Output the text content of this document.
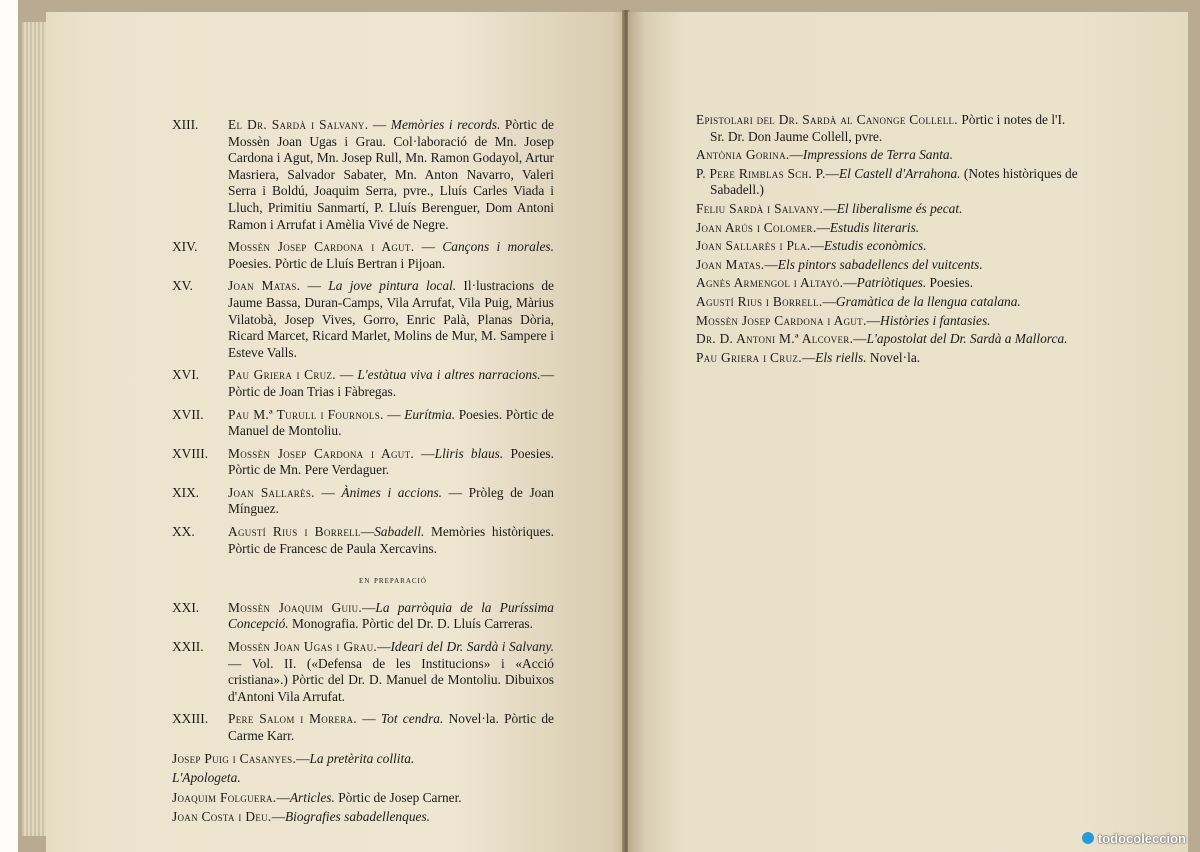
XIII.	El Dr. Sardà i Salvany. — Memòries i records. Pòrtic de Mossèn Joan Ugas i Grau. Col·laboració de Mn. Josep Cardona i Agut, Mn. Josep Rull, Mn. Ramon Godayol, Artur Masriera, Salvador Sabater, Mn. Anton Navarro, Valeri Serra i Boldú, Joaquim Serra, pvre., Lluís Carles Viada i Lluch, Primitiu Sanmartí, P. Lluís Berenguer, Dom Antoni Ramon i Arrufat i Amèlia Vivé de Negre.
XIV.	Mossèn Josep Cardona i Agut. — Cançons i morales. Poesies. Pòrtic de Lluís Bertran i Pijoan.
XV.	Joan Matas. — La jove pintura local. Il·lustracions de Jaume Bassa, Duran-Camps, Vila Arrufat, Vila Puig, Màrius Vilatobà, Josep Vives, Gorro, Enric Palà, Planas Dòria, Ricard Marcet, Ricard Marlet, Molins de Mur, M. Sampere i Esteve Valls.
XVI.	Pau Griera i Cruz. — L'estàtua viva i altres narracions.—Pòrtic de Joan Trias i Fàbregas.
XVII.	Pau M.ª Turull i Fournols. — Eurítmia. Poesies. Pòrtic de Manuel de Montoliu.
XVIII.	Mossèn Josep Cardona i Agut. —Lliris blaus. Poesies. Pòrtic de Mn. Pere Verdaguer.
XIX.	Joan Sallarès. — Ànimes i accions. — Pròleg de Joan Mínguez.
XX.	Agustí Rius i Borrell—Sabadell. Memòries històriques. Pòrtic de Francesc de Paula Xercavins.
en preparació
XXI.	Mossèn Joaquim Guiu.—La parròquia de la Puríssima Concepció. Monografia. Pòrtic del Dr. D. Lluís Carreras.
XXII.	Mossèn Joan Ugas i Grau.—Ideari del Dr. Sardà i Salvany. — Vol. II. («Defensa de les Institucions» i «Acció cristiana».) Pòrtic del Dr. D. Manuel de Montoliu. Dibuixos d'Antoni Vila Arrufat.
XXIII.	Pere Salom i Morera. — Tot cendra. Novel·la. Pòrtic de Carme Karr.
Josep Puig i Casanyes.—La pretèrita collita.
L'Apologeta.
Joaquim Folguera.—Articles. Pòrtic de Josep Carner.
Joan Costa i Deu.—Biografies sabadellenques.
Epistolari del Dr. Sardà al Canonge Collell. Pòrtic i notes de l'I. Sr. Dr. Don Jaume Collell, pvre.
Antònia Gorina.—Impressions de Terra Santa.
P. Pere Rimblas Sch. P.—El Castell d'Arrahona. (Notes històriques de Sabadell.)
Feliu Sardà i Salvany.—El liberalisme és pecat.
Joan Arús i Colomer.—Estudis literaris.
Joan Sallarès i Pla.—Estudis econòmics.
Joan Matas.—Els pintors sabadellencs del vuitcents.
Agnès Armengol i Altayó.—Patriòtiques. Poesies.
Agustí Rius i Borrell.—Gramàtica de la llengua catalana.
Mossèn Josep Cardona i Agut.—Històries i fantasies.
Dr. D. Antoni M.ª Alcover.—L'apostolat del Dr. Sardà a Mallorca.
Pau Griera i Cruz.—Els riells. Novel·la.
todocoleccion
